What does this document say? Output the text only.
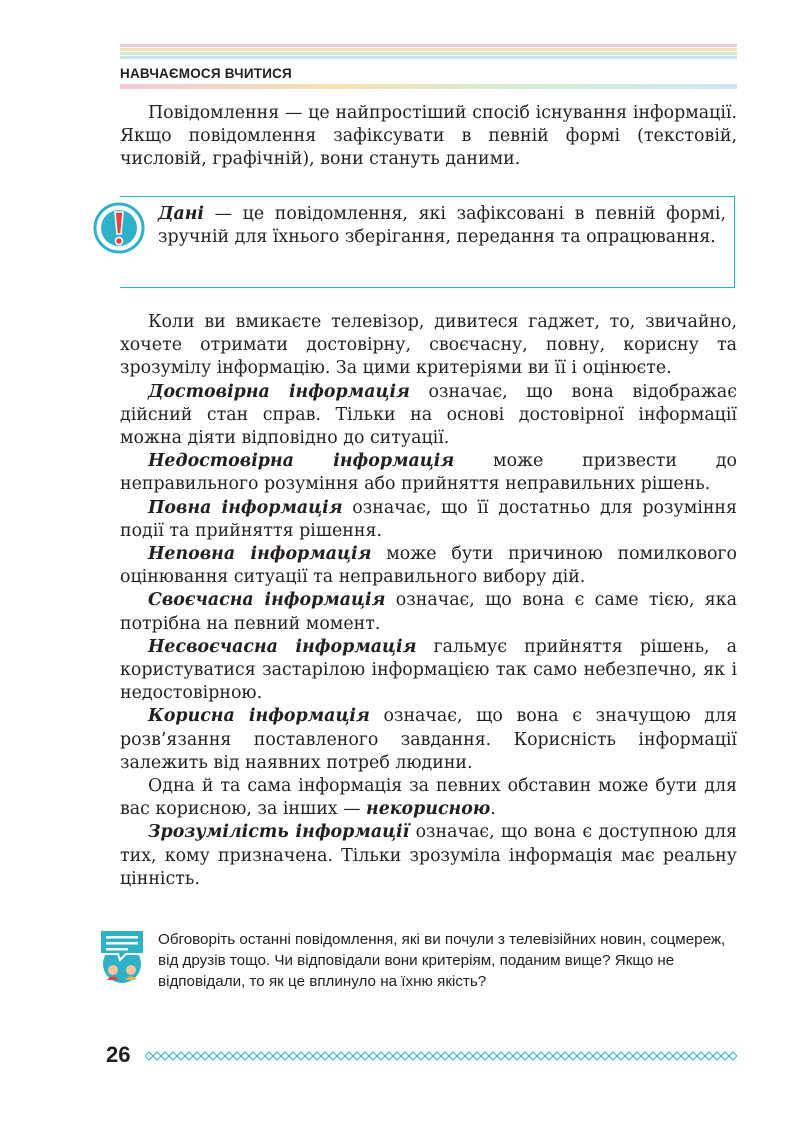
НАВЧАЄМОСЯ ВЧИТИСЯ

Повідомлення — це найпростіший спосіб існування інформації. Якщо повідомлення зафіксувати в певній формі (текстовій, числовій, графічній), вони стануть даними.

Дані — це повідомлення, які зафіксовані в певній формі, зручній для їхнього зберігання, передання та опрацювання.

Коли ви вмикаєте телевізор, дивитеся гаджет, то, звичайно, хочете отримати достовірну, своєчасну, повну, корисну та зрозумілу інформацію. За цими критеріями ви її і оцінюєте.

Достовірна інформація означає, що вона відображає дійсний стан справ. Тільки на основі достовірної інформації можна діяти відповідно до ситуації.

Недостовірна інформація може призвести до неправильного розуміння або прийняття неправильних рішень.

Повна інформація означає, що її достатньо для розуміння події та прийняття рішення.

Неповна інформація може бути причиною помилкового оцінювання ситуації та неправильного вибору дій.

Своєчасна інформація означає, що вона є саме тією, яка потрібна на певний момент.

Несвоєчасна інформація гальмує прийняття рішень, а користуватися застарілою інформацією так само небезпечно, як і недостовірною.

Корисна інформація означає, що вона є значущою для розв’язання поставленого завдання. Корисність інформації залежить від наявних потреб людини.

Одна й та сама інформація за певних обставин може бути для вас корисною, за інших — некорисною.

Зрозумілість інформації означає, що вона є доступною для тих, кому призначена. Тільки зрозуміла інформація має реальну цінність.

Обговоріть останні повідомлення, які ви почули з телевізійних новин, соцмереж, від друзів тощо. Чи відповідали вони критеріям, поданим вище? Якщо не відповідали, то як це вплинуло на їхню якість?
26
